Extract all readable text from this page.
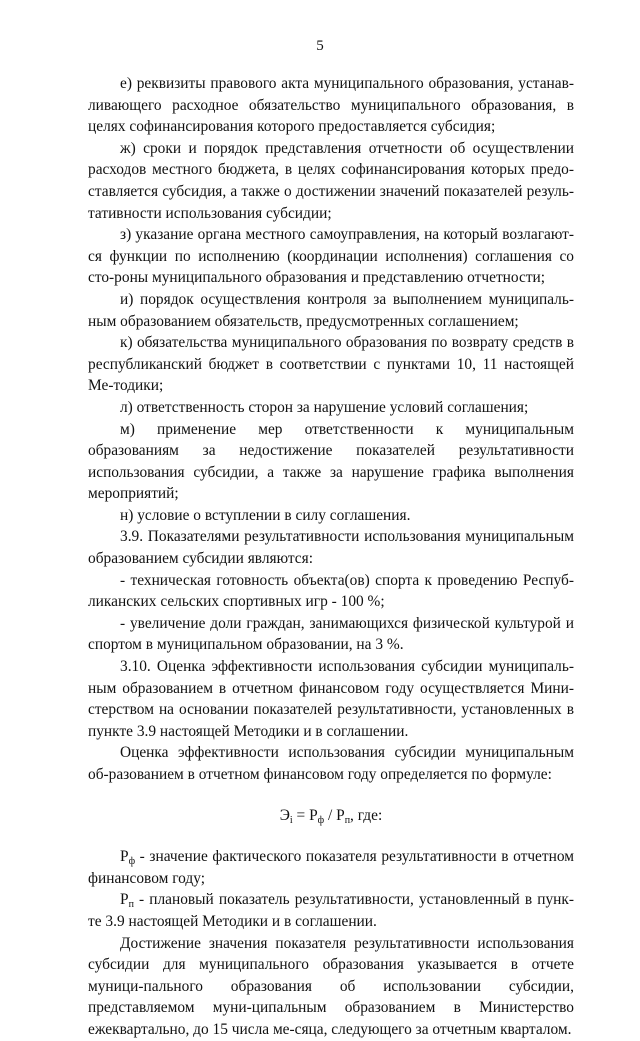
5

е) реквизиты правового акта муниципального образования, устанав-ливающего расходное обязательство муниципального образования, в целях софинансирования которого предоставляется субсидия;

ж) сроки и порядок представления отчетности об осуществлении расходов местного бюджета, в целях софинансирования которых предо-ставляется субсидия, а также о достижении значений показателей резуль-тативности использования субсидии;

з) указание органа местного самоуправления, на который возлагают-ся функции по исполнению (координации исполнения) соглашения со сто-роны муниципального образования и представлению отчетности;

и) порядок осуществления контроля за выполнением муниципаль-ным образованием обязательств, предусмотренных соглашением;

к) обязательства муниципального образования по возврату средств в республиканский бюджет в соответствии с пунктами 10, 11 настоящей Ме-тодики;

л) ответственность сторон за нарушение условий соглашения;

м) применение мер ответственности к муниципальным образованиям за недостижение показателей результативности использования субсидии, а также за нарушение графика выполнения мероприятий;

н) условие о вступлении в силу соглашения.

3.9. Показателями результативности использования муниципальным образованием субсидии являются:

- техническая готовность объекта(ов) спорта к проведению Респуб-ликанских сельских спортивных игр - 100 %;

- увеличение доли граждан, занимающихся физической культурой и спортом в муниципальном образовании, на 3 %.

3.10. Оценка эффективности использования субсидии муниципаль-ным образованием в отчетном финансовом году осуществляется Мини-стерством на основании показателей результативности, установленных в пункте 3.9 настоящей Методики и в соглашении.

Оценка эффективности использования субсидии муниципальным об-разованием в отчетном финансовом году определяется по формуле:

$Э_i = Р_ф / Р_п$, где:

$Р_ф$ - значение фактического показателя результативности в отчетном финансовом году;

$Р_п$ - плановый показатель результативности, установленный в пунк-те 3.9 настоящей Методики и в соглашении.

Достижение значения показателя результативности использования субсидии для муниципального образования указывается в отчете муници-пального образования об использовании субсидии, представляемом муни-ципальным образованием в Министерство ежеквартально, до 15 числа ме-сяца, следующего за отчетным кварталом.
